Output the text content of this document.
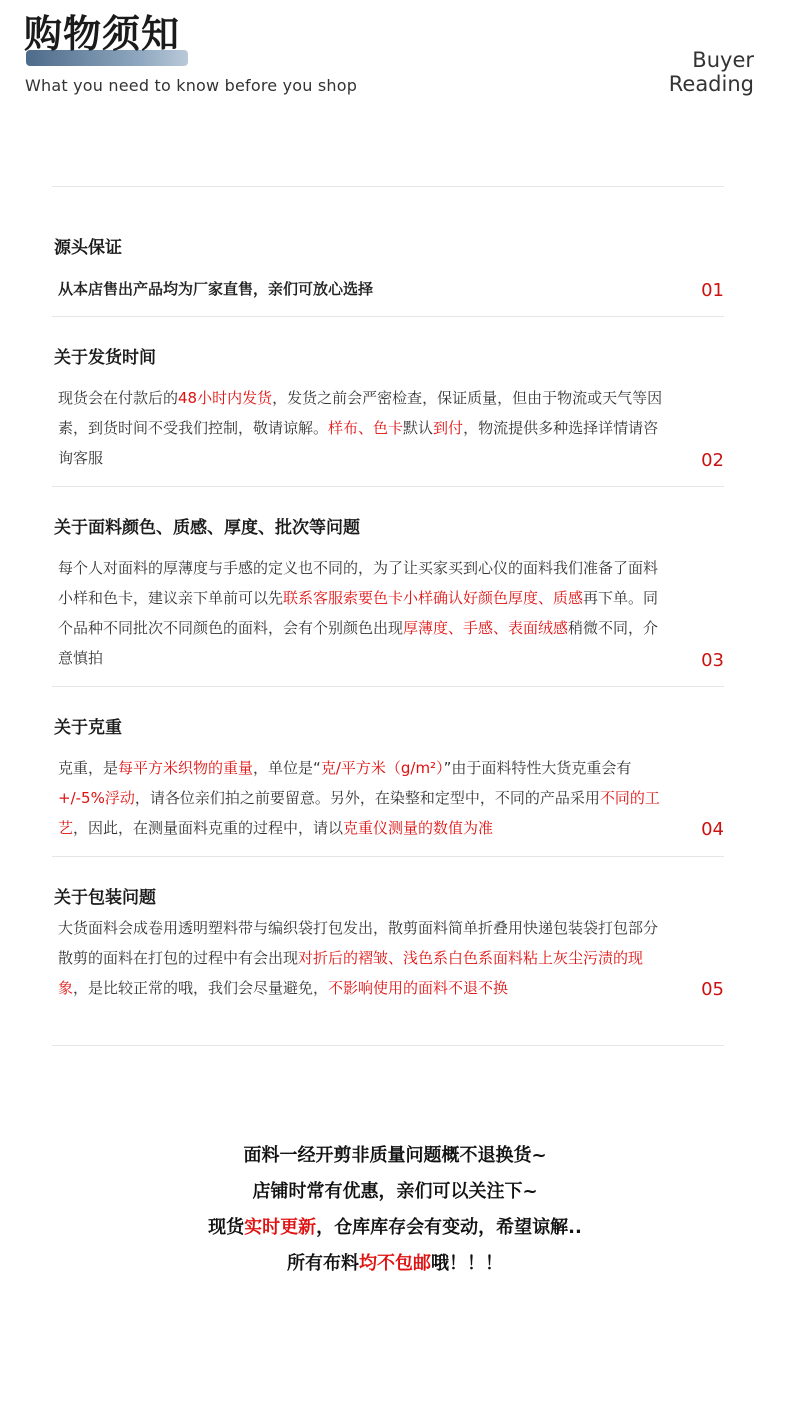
购物须知
What you need to know before you shop
Buyer
Reading
源头保证
从本店售出产品均为厂家直售，亲们可放心选择	01
关于发货时间
现货会在付款后的48小时内发货，发货之前会严密检查，保证质量，但由于物流或天气等因素，到货时间不受我们控制，敬请谅解。样布、色卡默认到付，物流提供多种选择详情请咨询客服	02
关于面料颜色、质感、厚度、批次等问题
每个人对面料的厚薄度与手感的定义也不同的，为了让买家买到心仪的面料我们准备了面料小样和色卡，建议亲下单前可以先联系客服索要色卡小样确认好颜色厚度、质感再下单。同个品种不同批次不同颜色的面料，会有个别颜色出现厚薄度、手感、表面绒感稍微不同，介意慎拍	03
关于克重
克重，是每平方米织物的重量，单位是“克/平方米（g/m²）”由于面料特性大货克重会有+/-5%浮动，请各位亲们拍之前要留意。另外，在染整和定型中，不同的产品采用不同的工艺，因此，在测量面料克重的过程中，请以克重仪测量的数值为准	04
关于包装问题
大货面料会成卷用透明塑料带与编织袋打包发出，散剪面料简单折叠用快递包装袋打包部分散剪的面料在打包的过程中有会出现对折后的褶皱、浅色系白色系面料粘上灰尘污渍的现象，是比较正常的哦，我们会尽量避免，不影响使用的面料不退不换	05
面料一经开剪非质量问题概不退换货~
店铺时常有优惠，亲们可以关注下~
现货实时更新，仓库库存会有变动，希望谅解..
所有布料均不包邮哦！！！
